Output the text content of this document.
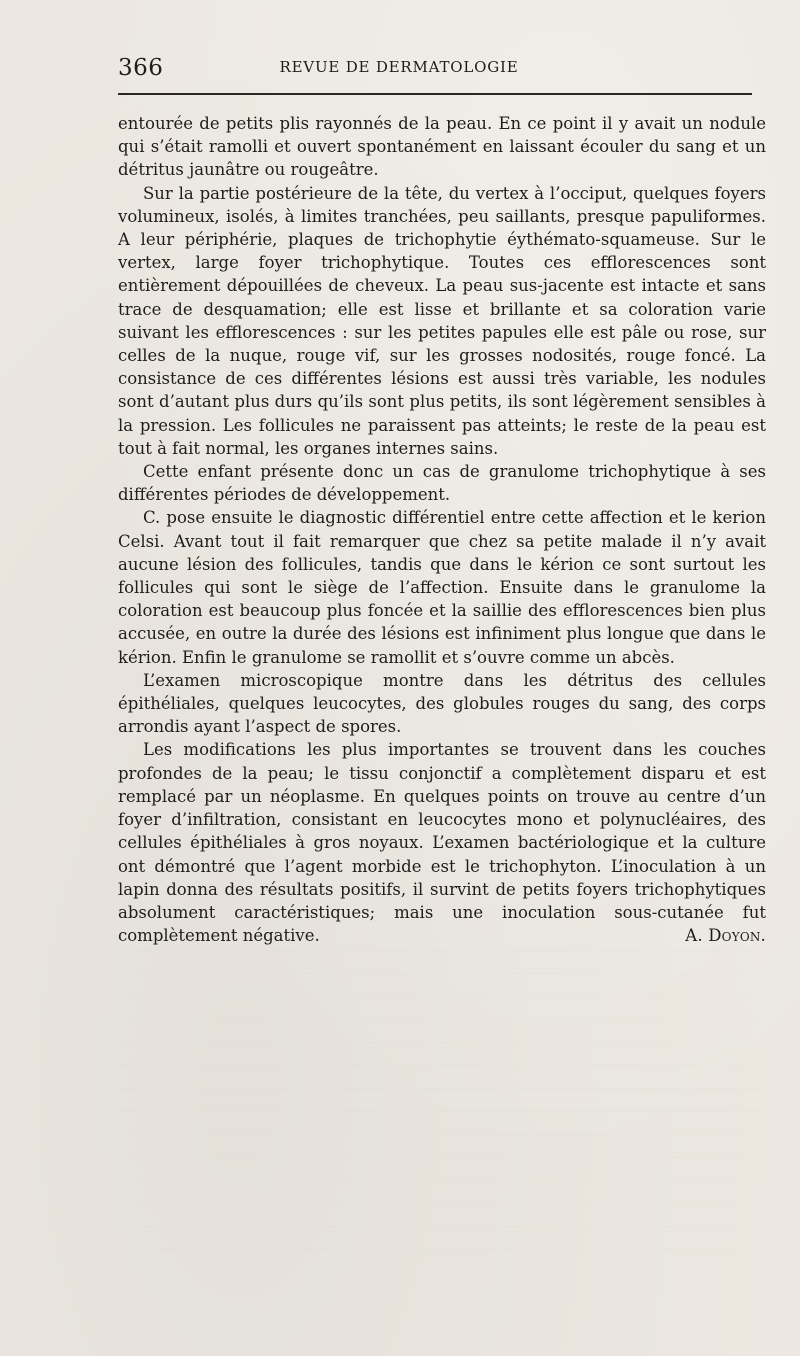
366	REVUE DE DERMATOLOGIE

entourée de petits plis rayonnés de la peau. En ce point il y avait un nodule qui s’était ramolli et ouvert spontanément en laissant écouler du sang et un détritus jaunâtre ou rougeâtre.

Sur la partie postérieure de la tête, du vertex à l’occiput, quelques foyers volumineux, isolés, à limites tranchées, peu saillants, presque papuliformes. A leur périphérie, plaques de trichophytie éythémato-squameuse. Sur le vertex, large foyer trichophytique. Toutes ces efflorescences sont entièrement dépouillées de cheveux. La peau sus-jacente est intacte et sans trace de desquamation; elle est lisse et brillante et sa coloration varie suivant les efflorescences : sur les petites papules elle est pâle ou rose, sur celles de la nuque, rouge vif, sur les grosses nodosités, rouge foncé. La consistance de ces différentes lésions est aussi très variable, les nodules sont d’autant plus durs qu’ils sont plus petits, ils sont légèrement sensibles à la pression. Les follicules ne paraissent pas atteints; le reste de la peau est tout à fait normal, les organes internes sains.

Cette enfant présente donc un cas de granulome trichophytique à ses différentes périodes de développement.

C. pose ensuite le diagnostic différentiel entre cette affection et le kerion Celsi. Avant tout il fait remarquer que chez sa petite malade il n’y avait aucune lésion des follicules, tandis que dans le kérion ce sont surtout les follicules qui sont le siège de l’affection. Ensuite dans le granulome la coloration est beaucoup plus foncée et la saillie des efflorescences bien plus accusée, en outre la durée des lésions est infiniment plus longue que dans le kérion. Enfin le granulome se ramollit et s’ouvre comme un abcès.

L’examen microscopique montre dans les détritus des cellules épithéliales, quelques leucocytes, des globules rouges du sang, des corps arrondis ayant l’aspect de spores.

Les modifications les plus importantes se trouvent dans les couches profondes de la peau; le tissu conjonctif a complètement disparu et est remplacé par un néoplasme. En quelques points on trouve au centre d’un foyer d’infiltration, consistant en leucocytes mono et polynucléaires, des cellules épithéliales à gros noyaux. L’examen bactériologique et la culture ont démontré que l’agent morbide est le trichophyton. L’inoculation à un lapin donna des résultats positifs, il survint de petits foyers trichophytiques absolument caractéristiques; mais une inoculation sous-cutanée fut complètement négative.	A. Doyon.
